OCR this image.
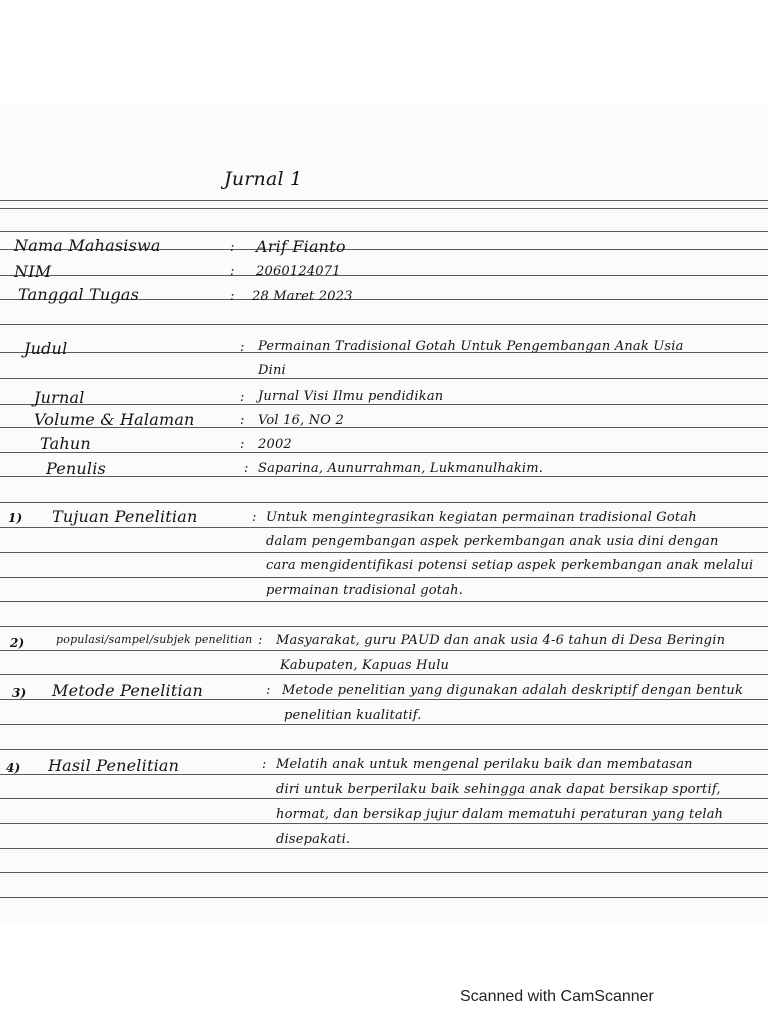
Jurnal 1
Nama Mahasiswa	: Arif Fianto
NIM	: 2060124071
Tanggal Tugas	: 28 Maret 2023
Judul	: Permainan Tradisional Gotah Untuk Pengembangan Anak Usia
Dini
Jurnal	: Jurnal Visi Ilmu pendidikan
Volume & Halaman	: Vol 16, NO 2
Tahun	: 2002
Penulis	: Saparina, Aunurrahman, Lukmanulhakim.
1) Tujuan Penelitian	: Untuk mengintegrasikan kegiatan permainan tradisional Gotah
dalam pengembangan aspek perkembangan anak usia dini dengan
cara mengidentifikasi potensi setiap aspek perkembangan anak melalui
permainan tradisional gotah.
2)	populasi/sampel/subjek penelitian : Masyarakat, guru PAUD dan anak usia 4-6 tahun di Desa Beringin
Kabupaten, Kapuas Hulu
3) Metode Penelitian	: Metode penelitian yang digunakan adalah deskriptif dengan bentuk
penelitian kualitatif.
4) Hasil Penelitian	: Melatih anak untuk mengenal perilaku baik dan membatasan
diri untuk berperilaku baik sehingga anak dapat bersikap sportif,
hormat, dan bersikap jujur dalam mematuhi peraturan yang telah
disepakati.
Scanned with CamScanner
